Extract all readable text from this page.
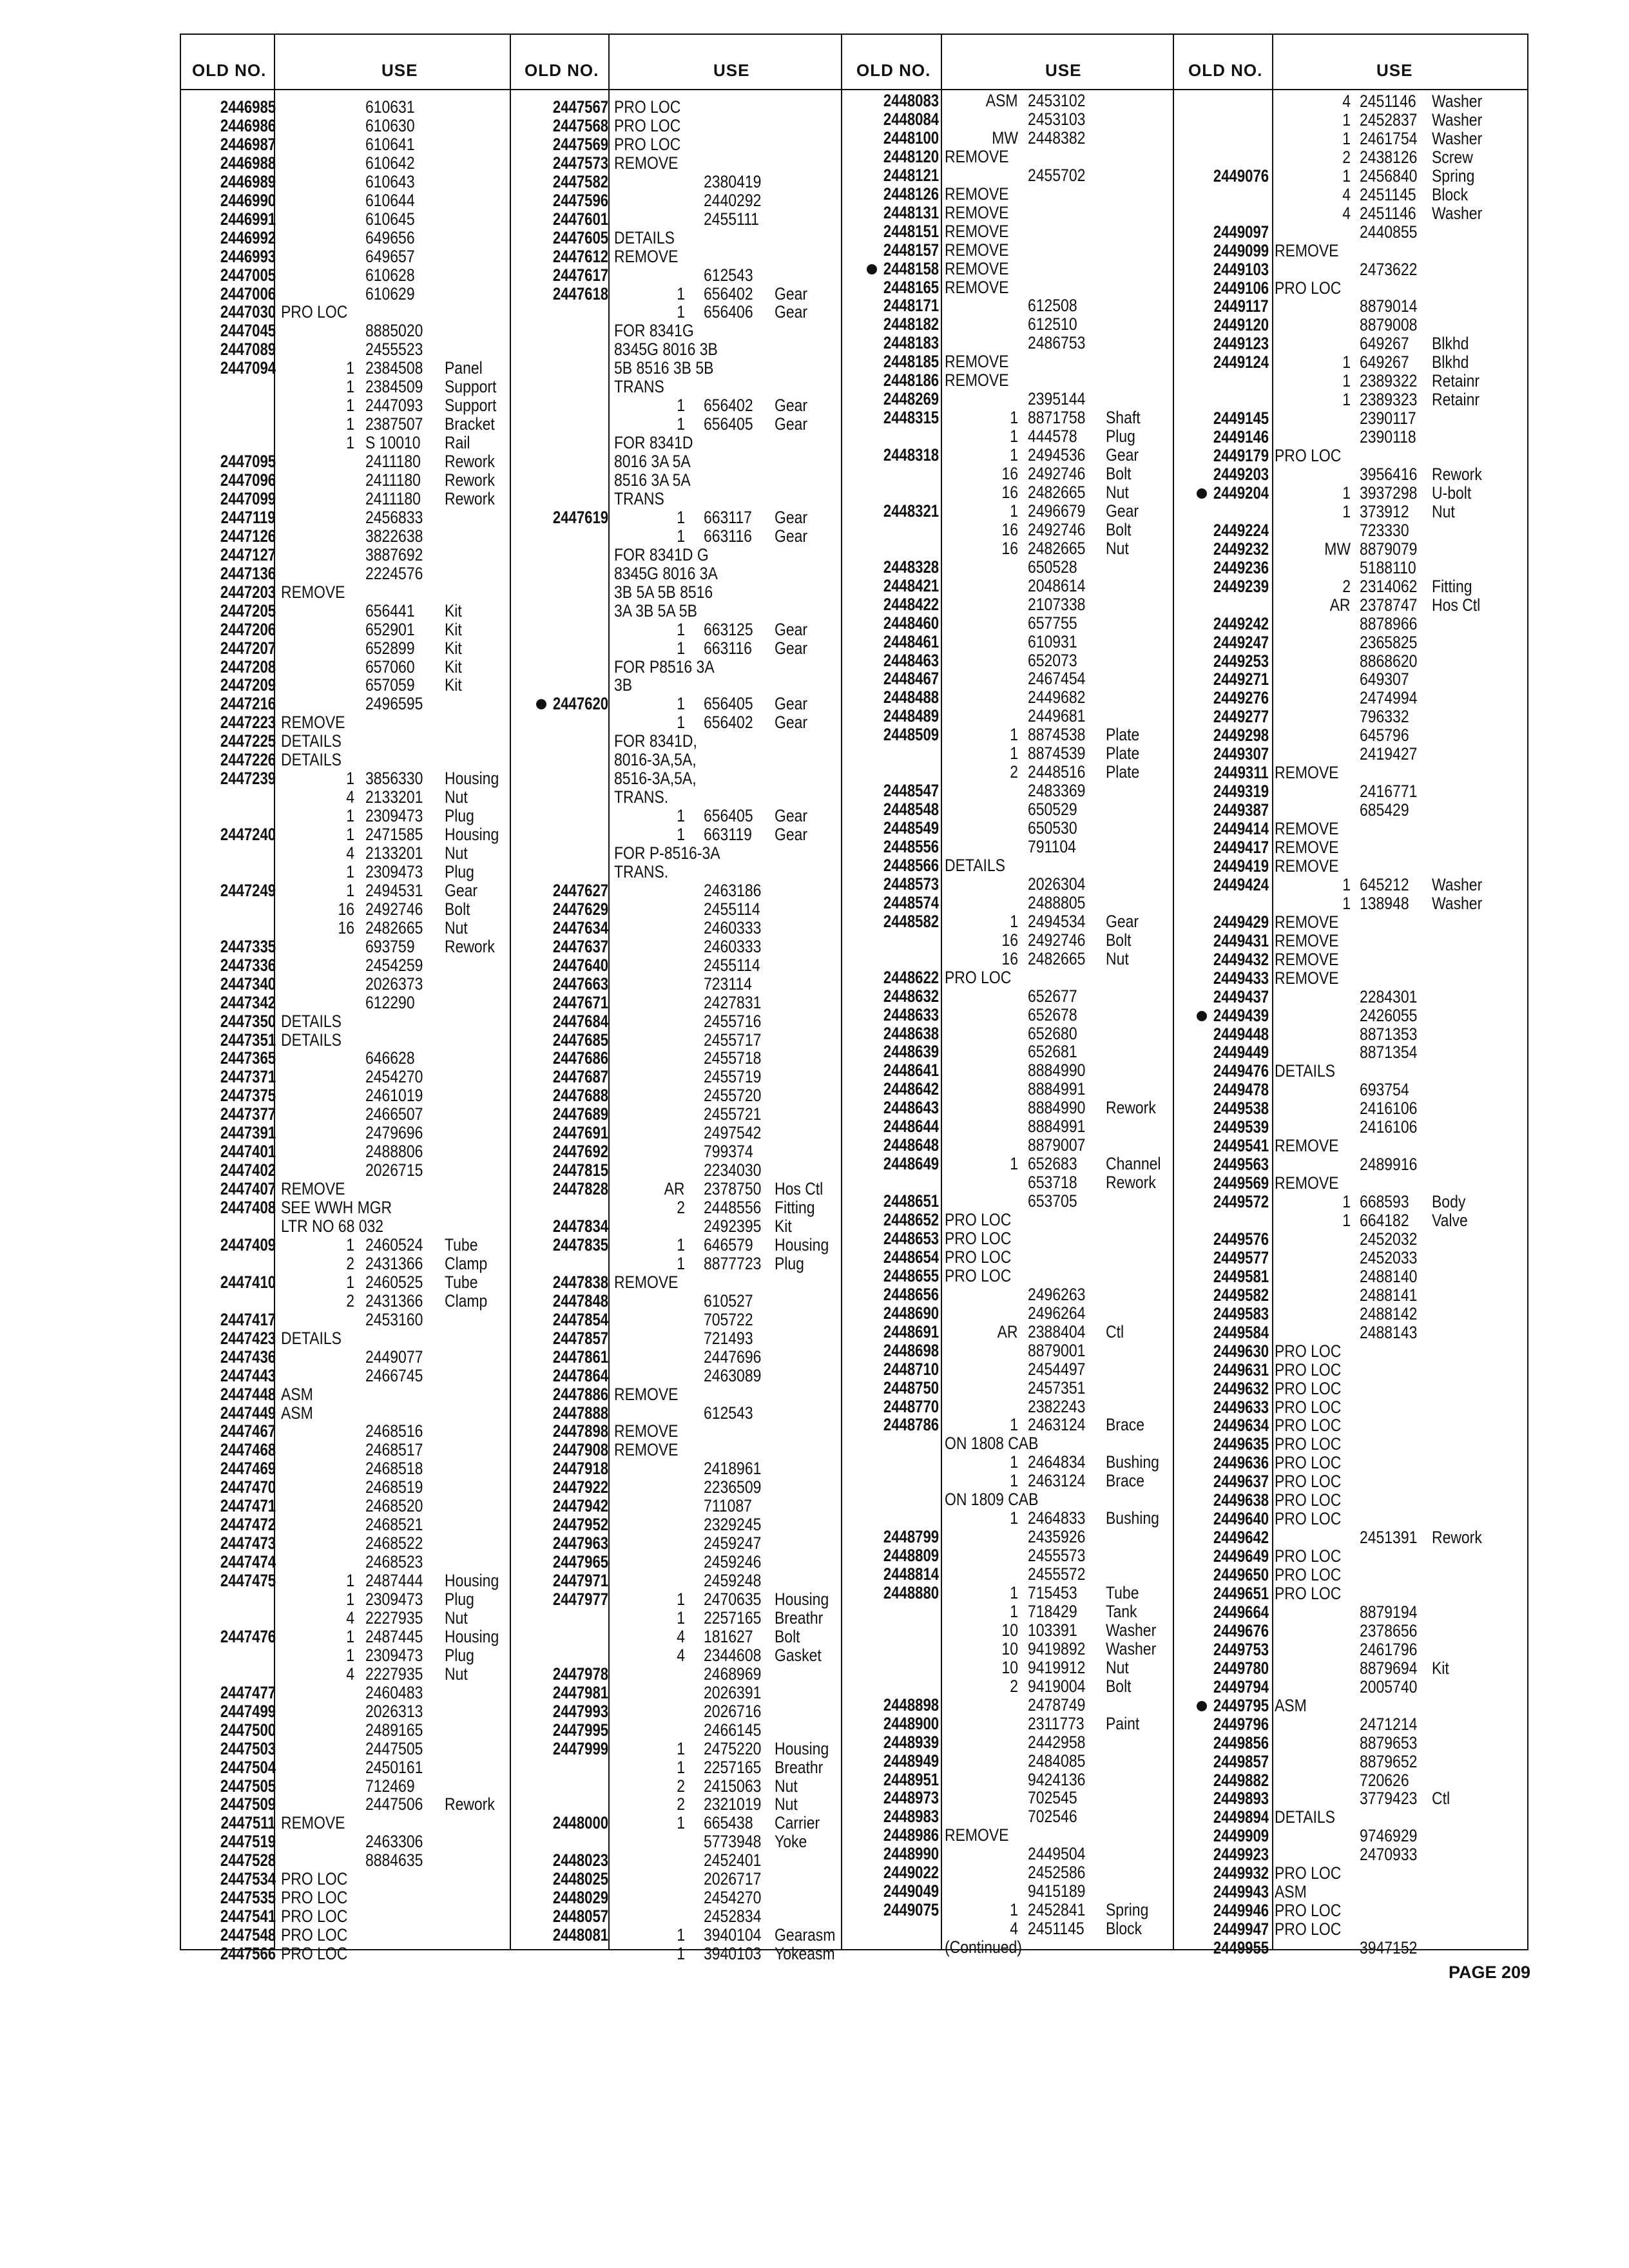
OLD NO.	USE	OLD NO.	USE	OLD NO.	USE	OLD NO.	USE
2446985	610631
2446986	610630
2446987	610641
2446988	610642
2446989	610643
2446990	610644
2446991	610645
2446992	649656
2446993	649657
2447005	610628
2447006	610629
2447030 PRO LOC
2447045	8885020
2447089	2455523
2447094	1 2384508 Panel
1 2384509 Support
1 2447093 Support
1 2387507 Bracket
1 S 10010 Rail
2447095	2411180 Rework
2447096	2411180 Rework
2447099	2411180 Rework
2447119	2456833
2447126	3822638
2447127	3887692
2447136	2224576
2447203 REMOVE
2447205	656441 Kit
2447206	652901 Kit
2447207	652899 Kit
2447208	657060 Kit
2447209	657059 Kit
2447216	2496595
2447223 REMOVE
2447225 DETAILS
2447226 DETAILS
2447239	1 3856330 Housing
4 2133201 Nut
1 2309473 Plug
2447240	1 2471585 Housing
4 2133201 Nut
1 2309473 Plug
2447249	1 2494531 Gear
16 2492746 Bolt
16 2482665 Nut
2447335	693759 Rework
2447336	2454259
2447340	2026373
2447342	612290
2447350 DETAILS
2447351 DETAILS
2447365	646628
2447371	2454270
2447375	2461019
2447377	2466507
2447391	2479696
2447401	2488806
2447402	2026715
2447407 REMOVE
2447408 SEE WWH MGR
LTR NO 68 032
2447409	1 2460524 Tube
2 2431366 Clamp
2447410	1 2460525 Tube
2 2431366 Clamp
2447417	2453160
2447423 DETAILS
2447436	2449077
2447443	2466745
2447448 ASM
2447449 ASM
2447467	2468516
2447468	2468517
2447469	2468518
2447470	2468519
2447471	2468520
2447472	2468521
2447473	2468522
2447474	2468523
2447475	1 2487444 Housing
1 2309473 Plug
4 2227935 Nut
2447476	1 2487445 Housing
1 2309473 Plug
4 2227935 Nut
2447477	2460483
2447499	2026313
2447500	2489165
2447503	2447505
2447504	2450161
2447505	712469
2447509	2447506 Rework
2447511 REMOVE
2447519	2463306
2447528	8884635
2447534 PRO LOC
2447535 PRO LOC
2447541 PRO LOC
2447548 PRO LOC
2447566 PRO LOC
2447567 PRO LOC
2447568 PRO LOC
2447569 PRO LOC
2447573 REMOVE
2447582	2380419
2447596	2440292
2447601	2455111
2447605 DETAILS
2447612 REMOVE
2447617	612543
2447618	1 656402 Gear
1 656406 Gear
FOR 8341G
8345G 8016 3B
5B 8516 3B 5B
TRANS
1 656402 Gear
1 656405 Gear
FOR 8341D
8016 3A 5A
8516 3A 5A
TRANS
2447619	1 663117 Gear
1 663116 Gear
FOR 8341D G
8345G 8016 3A
3B 5A 5B 8516
3A 3B 5A 5B
1 663125 Gear
1 663116 Gear
FOR P8516 3A
3B
2447620	1 656405 Gear
1 656402 Gear
FOR 8341D,
8016-3A,5A,
8516-3A,5A,
TRANS.
1 656405 Gear
1 663119 Gear
FOR P-8516-3A
TRANS.
2447627	2463186
2447629	2455114
2447634	2460333
2447637	2460333
2447640	2455114
2447663	723114
2447671	2427831
2447684	2455716
2447685	2455717
2447686	2455718
2447687	2455719
2447688	2455720
2447689	2455721
2447691	2497542
2447692	799374
2447815	2234030
2447828	AR 2378750 Hos Ctl
2 2448556 Fitting
2447834	2492395 Kit
2447835	1 646579 Housing
1 8877723 Plug
2447838 REMOVE
2447848	610527
2447854	705722
2447857	721493
2447861	2447696
2447864	2463089
2447886 REMOVE
2447888	612543
2447898 REMOVE
2447908 REMOVE
2447918	2418961
2447922	2236509
2447942	711087
2447952	2329245
2447963	2459247
2447965	2459246
2447971	2459248
2447977	1 2470635 Housing
1 2257165 Breathr
4 181627 Bolt
4 2344608 Gasket
2447978	2468969
2447981	2026391
2447993	2026716
2447995	2466145
2447999	1 2475220 Housing
1 2257165 Breathr
2 2415063 Nut
2 2321019 Nut
2448000	1 665438 Carrier
5773948 Yoke
2448023	2452401
2448025	2026717
2448029	2454270
2448057	2452834
2448081	1 3940104 Gearasm
1 3940103 Yokeasm
2448083	ASM 2453102
2448084	2453103
2448100	MW 2448382
2448120 REMOVE
2448121	2455702
2448126 REMOVE
2448131 REMOVE
2448151 REMOVE
2448157 REMOVE
2448158 REMOVE
2448165 REMOVE
2448171	612508
2448182	612510
2448183	2486753
2448185 REMOVE
2448186 REMOVE
2448269	2395144
2448315	1 8871758 Shaft
1 444578 Plug
2448318	1 2494536 Gear
16 2492746 Bolt
16 2482665 Nut
2448321	1 2496679 Gear
16 2492746 Bolt
16 2482665 Nut
2448328	650528
2448421	2048614
2448422	2107338
2448460	657755
2448461	610931
2448463	652073
2448467	2467454
2448488	2449682
2448489	2449681
2448509	1 8874538 Plate
1 8874539 Plate
2 2448516 Plate
2448547	2483369
2448548	650529
2448549	650530
2448556	791104
2448566 DETAILS
2448573	2026304
2448574	2488805
2448582	1 2494534 Gear
16 2492746 Bolt
16 2482665 Nut
2448622 PRO LOC
2448632	652677
2448633	652678
2448638	652680
2448639	652681
2448641	8884990
2448642	8884991
2448643	8884990 Rework
2448644	8884991
2448648	8879007
2448649	1 652683 Channel
653718 Rework
2448651	653705
2448652 PRO LOC
2448653 PRO LOC
2448654 PRO LOC
2448655 PRO LOC
2448656	2496263
2448690	2496264
2448691	AR 2388404 Ctl
2448698	8879001
2448710	2454497
2448750	2457351
2448770	2382243
2448786	1 2463124 Brace
ON 1808 CAB
1 2464834 Bushing
1 2463124 Brace
ON 1809 CAB
1 2464833 Bushing
2448799	2435926
2448809	2455573
2448814	2455572
2448880	1 715453 Tube
1 718429 Tank
10 103391 Washer
10 9419892 Washer
10 9419912 Nut
2 9419004 Bolt
2448898	2478749
2448900	2311773 Paint
2448939	2442958
2448949	2484085
2448951	9424136
2448973	702545
2448983	702546
2448986 REMOVE
2448990	2449504
2449022	2452586
2449049	9415189
2449075	1 2452841 Spring
4 2451145 Block
(Continued)
4 2451146 Washer
1 2452837 Washer
1 2461754 Washer
2 2438126 Screw
2449076	1 2456840 Spring
4 2451145 Block
4 2451146 Washer
2449097	2440855
2449099 REMOVE
2449103	2473622
2449106 PRO LOC
2449117	8879014
2449120	8879008
2449123	649267 Blkhd
2449124	1 649267 Blkhd
1 2389322 Retainr
1 2389323 Retainr
2449145	2390117
2449146	2390118
2449179 PRO LOC
2449203	3956416 Rework
2449204	1 3937298 U-bolt
1 373912 Nut
2449224	723330
2449232	MW 8879079
2449236	5188110
2449239	2 2314062 Fitting
AR 2378747 Hos Ctl
2449242	8878966
2449247	2365825
2449253	8868620
2449271	649307
2449276	2474994
2449277	796332
2449298	645796
2449307	2419427
2449311 REMOVE
2449319	2416771
2449387	685429
2449414 REMOVE
2449417 REMOVE
2449419 REMOVE
2449424	1 645212 Washer
1 138948 Washer
2449429 REMOVE
2449431 REMOVE
2449432 REMOVE
2449433 REMOVE
2449437	2284301
2449439	2426055
2449448	8871353
2449449	8871354
2449476 DETAILS
2449478	693754
2449538	2416106
2449539	2416106
2449541 REMOVE
2449563	2489916
2449569 REMOVE
2449572	1 668593 Body
1 664182 Valve
2449576	2452032
2449577	2452033
2449581	2488140
2449582	2488141
2449583	2488142
2449584	2488143
2449630 PRO LOC
2449631 PRO LOC
2449632 PRO LOC
2449633 PRO LOC
2449634 PRO LOC
2449635 PRO LOC
2449636 PRO LOC
2449637 PRO LOC
2449638 PRO LOC
2449640 PRO LOC
2449642	2451391 Rework
2449649 PRO LOC
2449650 PRO LOC
2449651 PRO LOC
2449664	8879194
2449676	2378656
2449753	2461796
2449780	8879694 Kit
2449794	2005740
2449795 ASM
2449796	2471214
2449856	8879653
2449857	8879652
2449882	720626
2449893	3779423 Ctl
2449894 DETAILS
2449909	9746929
2449923	2470933
2449932 PRO LOC
2449943 ASM
2449946 PRO LOC
2449947 PRO LOC
2449955	3947152
PAGE 209
